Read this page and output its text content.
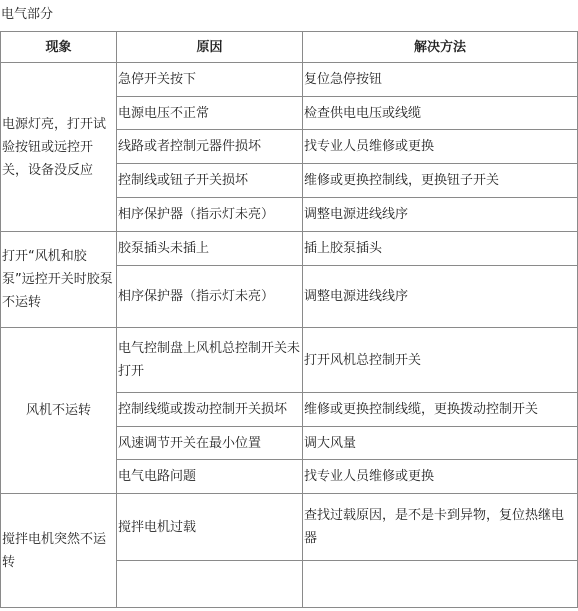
电气部分
现象	原因	解决方法
电源灯亮，打开试验按钮或远控开关，设备没反应	急停开关按下	复位急停按钮
	电源电压不正常	检查供电电压或线缆
	线路或者控制元器件损坏	找专业人员维修或更换
	控制线或钮子开关损坏	维修或更换控制线，更换钮子开关
	相序保护器（指示灯未亮）	调整电源进线线序
打开“风机和胶泵”远控开关时胶泵不运转	胶泵插头未插上	插上胶泵插头
	相序保护器（指示灯未亮）	调整电源进线线序
风机不运转	电气控制盘上风机总控制开关未打开	打开风机总控制开关
	控制线缆或拨动控制开关损坏	维修或更换控制线缆，更换拨动控制开关
	风速调节开关在最小位置	调大风量
	电气电路问题	找专业人员维修或更换
搅拌电机突然不运转	搅拌电机过载	查找过载原因，是不是卡到异物，复位热继电器
